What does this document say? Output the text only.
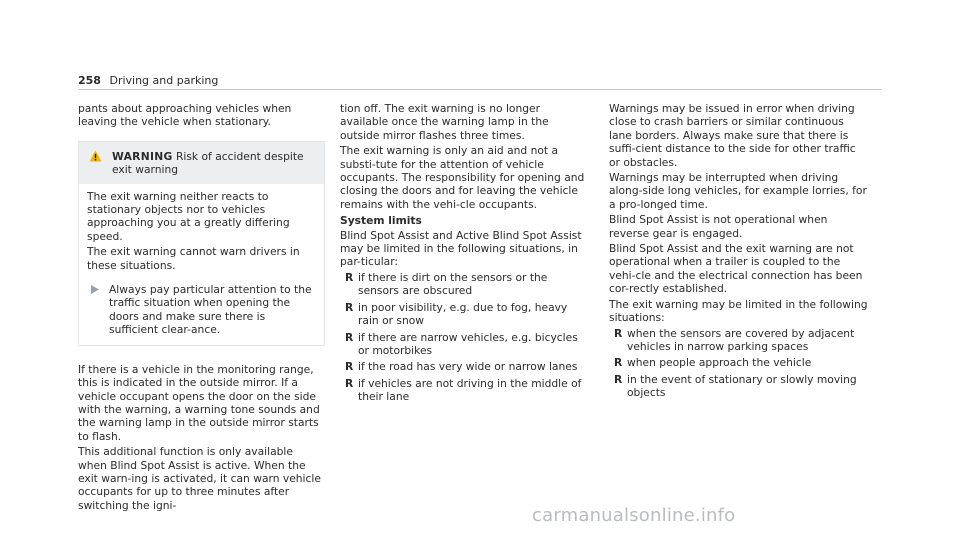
258 Driving and parking

pants about approaching vehicles when leaving the vehicle when stationary.

WARNING Risk of accident despite exit warning

The exit warning neither reacts to stationary objects nor to vehicles approaching you at a greatly differing speed.

The exit warning cannot warn drivers in these situations.

Always pay particular attention to the traffic situation when opening the doors and make sure there is sufficient clear-ance.

If there is a vehicle in the monitoring range, this is indicated in the outside mirror. If a vehicle occupant opens the door on the side with the warning, a warning tone sounds and the warning lamp in the outside mirror starts to flash.

This additional function is only available when Blind Spot Assist is active. When the exit warn-ing is activated, it can warn vehicle occupants for up to three minutes after switching the igni-

tion off. The exit warning is no longer available once the warning lamp in the outside mirror flashes three times.

The exit warning is only an aid and not a substi-tute for the attention of vehicle occupants. The responsibility for opening and closing the doors and for leaving the vehicle remains with the vehi-cle occupants.

System limits

Blind Spot Assist and Active Blind Spot Assist may be limited in the following situations, in par-ticular:

R if there is dirt on the sensors or the sensors are obscured
R in poor visibility, e.g. due to fog, heavy rain or snow
R if there are narrow vehicles, e.g. bicycles or motorbikes
R if the road has very wide or narrow lanes
R if vehicles are not driving in the middle of their lane

Warnings may be issued in error when driving close to crash barriers or similar continuous lane borders. Always make sure that there is suffi-cient distance to the side for other traffic or obstacles.

Warnings may be interrupted when driving along-side long vehicles, for example lorries, for a pro-longed time.

Blind Spot Assist is not operational when reverse gear is engaged.

Blind Spot Assist and the exit warning are not operational when a trailer is coupled to the vehi-cle and the electrical connection has been cor-rectly established.

The exit warning may be limited in the following situations:

R when the sensors are covered by adjacent vehicles in narrow parking spaces
R when people approach the vehicle
R in the event of stationary or slowly moving objects
carmanualsonline.info
